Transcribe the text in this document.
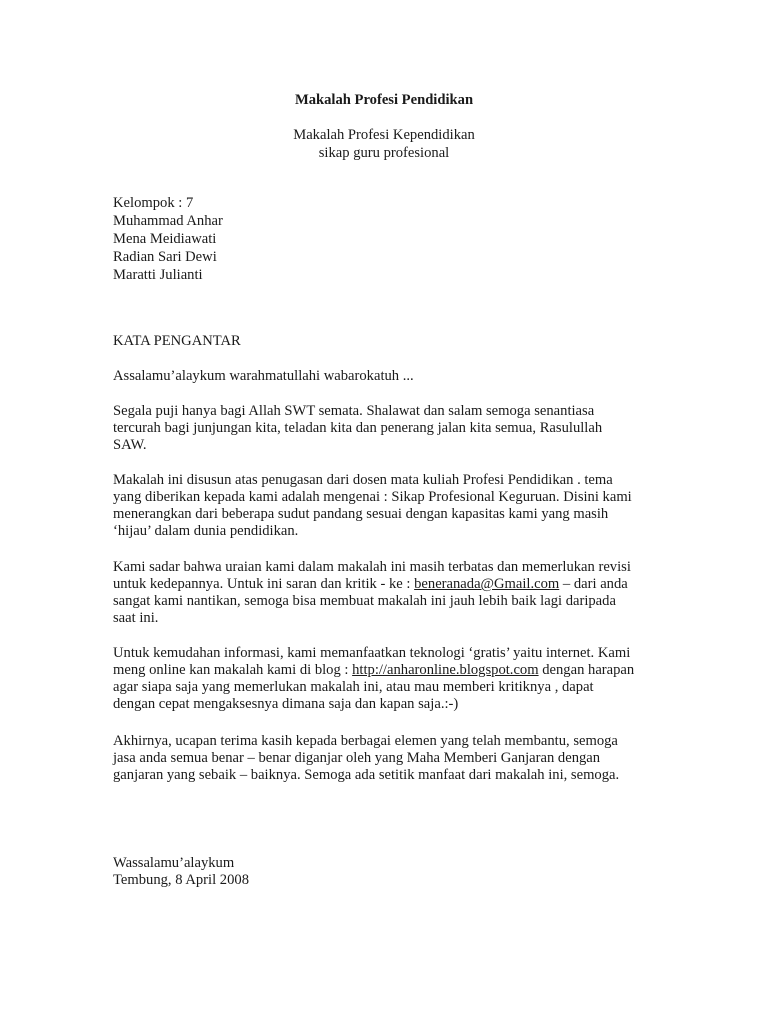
Makalah Profesi Pendidikan
Makalah Profesi Kependidikan
sikap guru profesional
Kelompok : 7
Muhammad Anhar
Mena Meidiawati
Radian Sari Dewi
Maratti Julianti
KATA PENGANTAR
Assalamu’alaykum warahmatullahi wabarokatuh ...
Segala puji hanya bagi Allah SWT semata. Shalawat dan salam semoga senantiasa
tercurah bagi junjungan kita, teladan kita dan penerang jalan kita semua, Rasulullah
SAW.
Makalah ini disusun atas penugasan dari dosen mata kuliah Profesi Pendidikan . tema
yang diberikan kepada kami adalah mengenai : Sikap Profesional Keguruan. Disini kami
menerangkan dari beberapa sudut pandang sesuai dengan kapasitas kami yang masih
‘hijau’ dalam dunia pendidikan.
Kami sadar bahwa uraian kami dalam makalah ini masih terbatas dan memerlukan revisi
untuk kedepannya. Untuk ini saran dan kritik - ke : beneranada@Gmail.com – dari anda
sangat kami nantikan, semoga bisa membuat makalah ini jauh lebih baik lagi daripada
saat ini.
Untuk kemudahan informasi, kami memanfaatkan teknologi ‘gratis’ yaitu internet. Kami
meng online kan makalah kami di blog : http://anharonline.blogspot.com dengan harapan
agar siapa saja yang memerlukan makalah ini, atau mau memberi kritiknya , dapat
dengan cepat mengaksesnya dimana saja dan kapan saja.:-)
Akhirnya, ucapan terima kasih kepada berbagai elemen yang telah membantu, semoga
jasa anda semua benar – benar diganjar oleh yang Maha Memberi Ganjaran dengan
ganjaran yang sebaik – baiknya. Semoga ada setitik manfaat dari makalah ini, semoga.
Wassalamu’alaykum
Tembung, 8 April 2008
